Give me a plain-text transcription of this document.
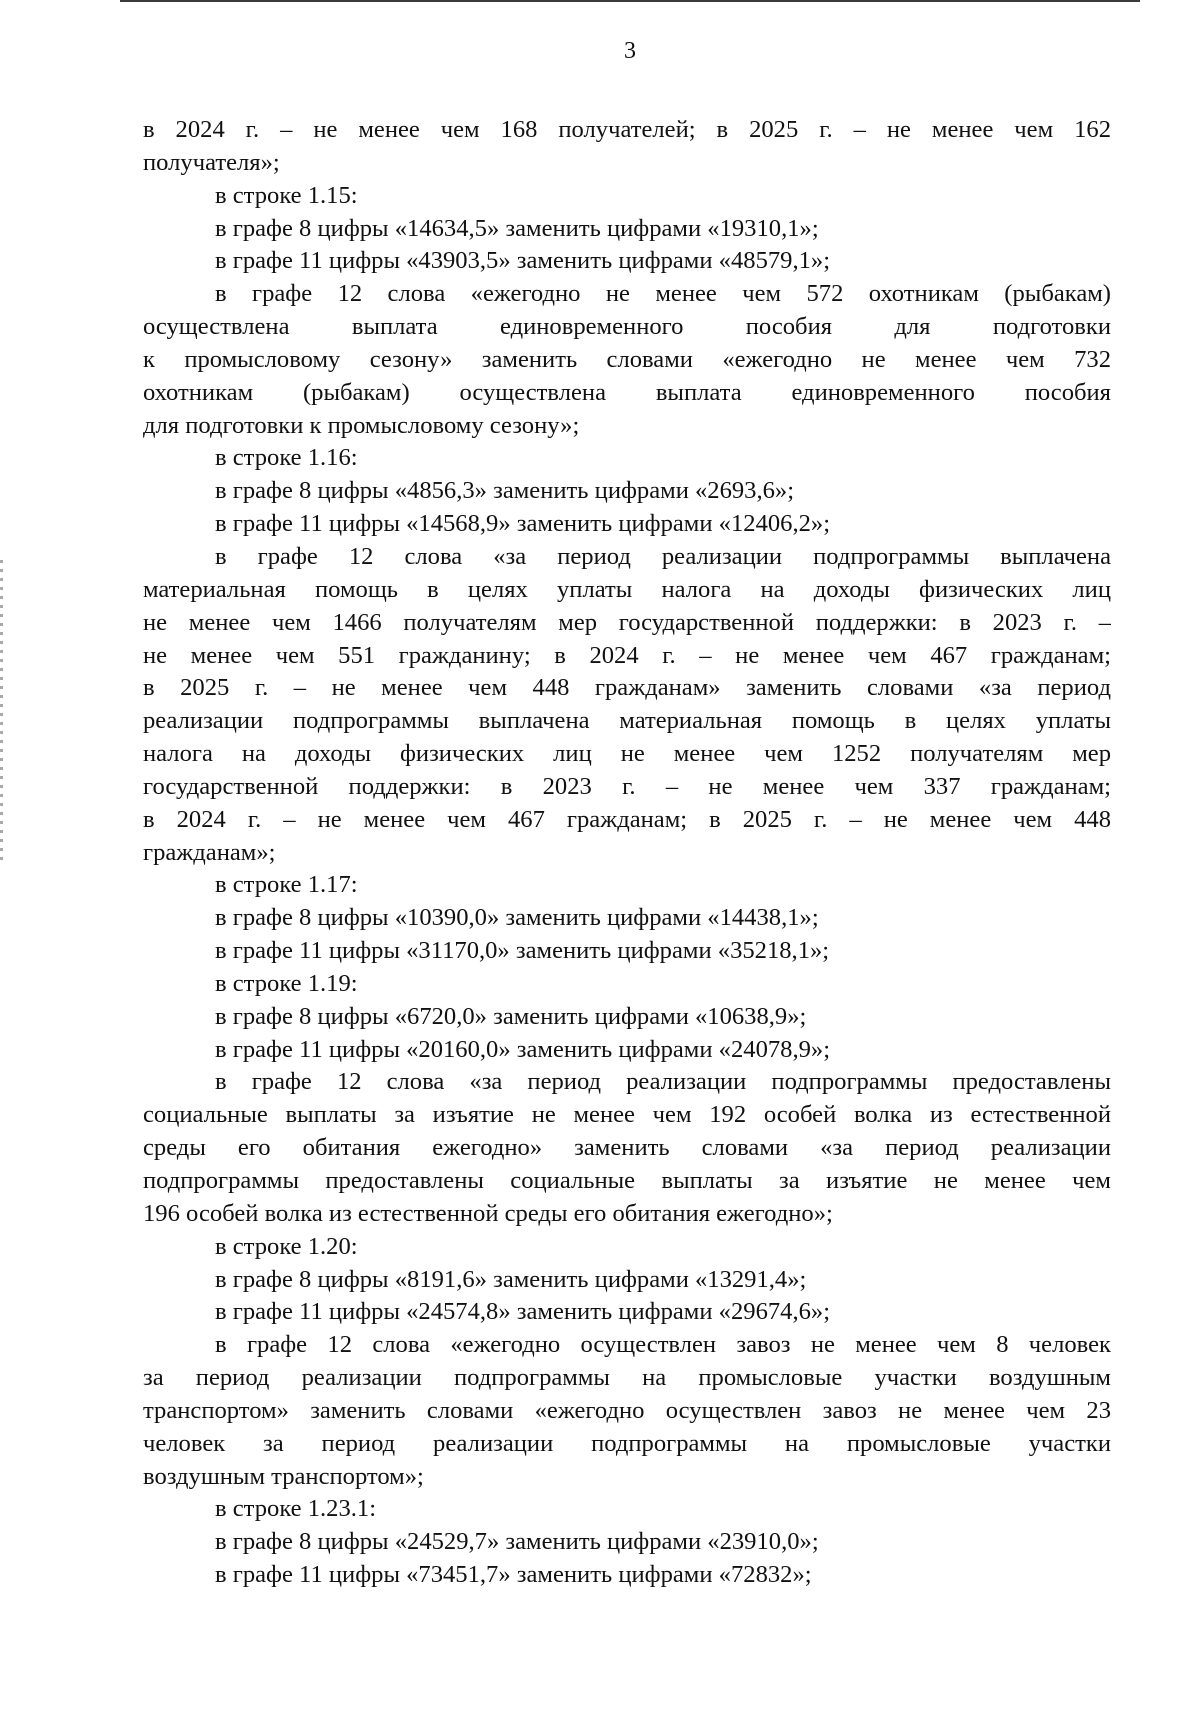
3
в 2024 г. – не менее чем 168 получателей; в 2025 г. – не менее чем 162
получателя»;
в строке 1.15:
в графе 8 цифры «14634,5» заменить цифрами «19310,1»;
в графе 11 цифры «43903,5» заменить цифрами «48579,1»;
в графе 12 слова «ежегодно не менее чем 572 охотникам (рыбакам)
осуществлена выплата единовременного пособия для подготовки
к промысловому сезону» заменить словами «ежегодно не менее чем 732
охотникам (рыбакам) осуществлена выплата единовременного пособия
для подготовки к промысловому сезону»;
в строке 1.16:
в графе 8 цифры «4856,3» заменить цифрами «2693,6»;
в графе 11 цифры «14568,9» заменить цифрами «12406,2»;
в графе 12 слова «за период реализации подпрограммы выплачена
материальная помощь в целях уплаты налога на доходы физических лиц
не менее чем 1466 получателям мер государственной поддержки: в 2023 г. –
не менее чем 551 гражданину; в 2024 г. – не менее чем 467 гражданам;
в 2025 г. – не менее чем 448 гражданам» заменить словами «за период
реализации подпрограммы выплачена материальная помощь в целях уплаты
налога на доходы физических лиц не менее чем 1252 получателям мер
государственной поддержки: в 2023 г. – не менее чем 337 гражданам;
в 2024 г. – не менее чем 467 гражданам; в 2025 г. – не менее чем 448
гражданам»;
в строке 1.17:
в графе 8 цифры «10390,0» заменить цифрами «14438,1»;
в графе 11 цифры «31170,0» заменить цифрами «35218,1»;
в строке 1.19:
в графе 8 цифры «6720,0» заменить цифрами «10638,9»;
в графе 11 цифры «20160,0» заменить цифрами «24078,9»;
в графе 12 слова «за период реализации подпрограммы предоставлены
социальные выплаты за изъятие не менее чем 192 особей волка из естественной
среды его обитания ежегодно» заменить словами «за период реализации
подпрограммы предоставлены социальные выплаты за изъятие не менее чем
196 особей волка из естественной среды его обитания ежегодно»;
в строке 1.20:
в графе 8 цифры «8191,6» заменить цифрами «13291,4»;
в графе 11 цифры «24574,8» заменить цифрами «29674,6»;
в графе 12 слова «ежегодно осуществлен завоз не менее чем 8 человек
за период реализации подпрограммы на промысловые участки воздушным
транспортом» заменить словами «ежегодно осуществлен завоз не менее чем 23
человек за период реализации подпрограммы на промысловые участки
воздушным транспортом»;
в строке 1.23.1:
в графе 8 цифры «24529,7» заменить цифрами «23910,0»;
в графе 11 цифры «73451,7» заменить цифрами «72832»;
